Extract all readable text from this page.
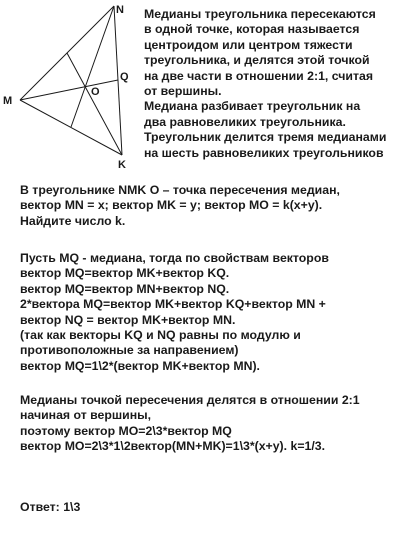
N
Q
M
O
K
Медианы треугольника пересекаются
в одной точке, которая называется
центроидом или центром тяжести
треугольника, и делятся этой точкой
на две части в отношении 2:1, считая
от вершины.
Медиана разбивает треугольник на
два равновеликих треугольника.
Треугольник делится тремя медианами
на шесть равновеликих треугольников
В треугольнике NMK O – точка пересечения медиан,
вектор MN = x; вектор MK = y; вектор MO = k(x+y).
Найдите число k.
Пусть MQ - медиана, тогда по свойствам векторов
вектор MQ=вектор MK+вектор KQ.
вектор MQ=вектор MN+вектор NQ.
2*вектора MQ=вектор MK+вектор KQ+вектор MN +
вектор NQ = вектор MK+вектор MN.
(так как векторы KQ и NQ равны по модулю и
противоположные за направением)
вектор MQ=1\2*(вектор MK+вектор MN).
Медианы точкой пересечения делятся в отношении 2:1
начиная от вершины,
поэтому вектор MO=2\3*вектор MQ
вектор MO=2\3*1\2вектор(MN+MK)=1\3*(x+y). k=1/3.
Ответ: 1\3
